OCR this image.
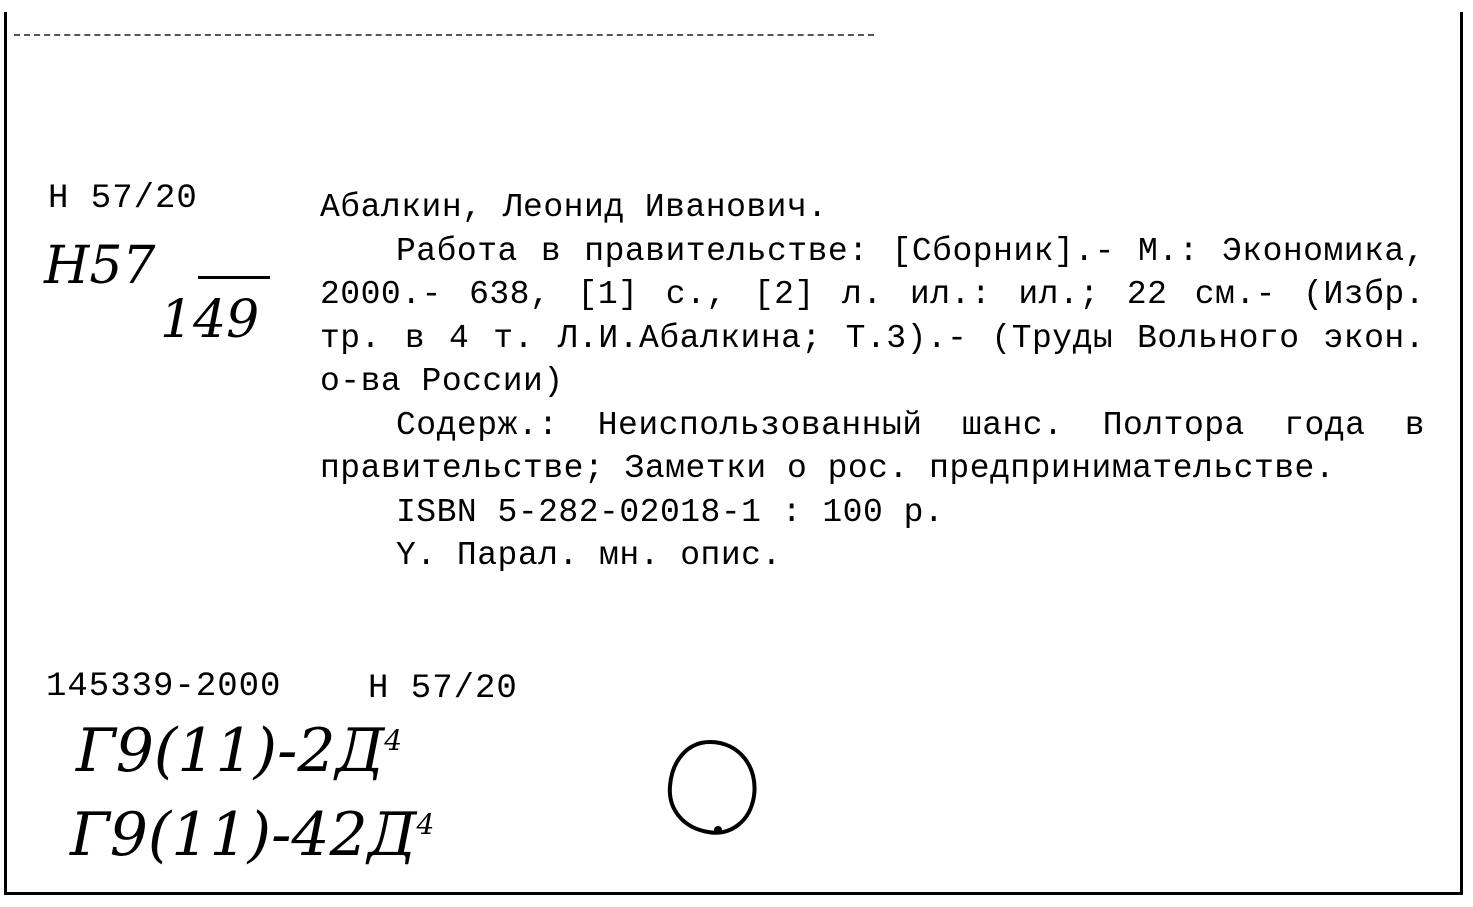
Н 57/20
Н57
149

Абалкин, Леонид Иванович.

Работа в правительстве: [Сборник].- М.: Экономика, 2000.- 638, [1] с., [2] л. ил.: ил.; 22 см.- (Избр. тр. в 4 т. Л.И.Абалкина; Т.3).- (Труды Вольного экон. о-ва России)

Содерж.: Неиспользованный шанс. Полтора года в правительстве; Заметки о рос. предпринимательстве.

ISBN 5-282-02018-1 : 100 р.

Y. Парал. мн. опис.

145339-2000	Н 57/20
$Г9(11)-2Д^4$
$Г9(11)-42Д^4$
